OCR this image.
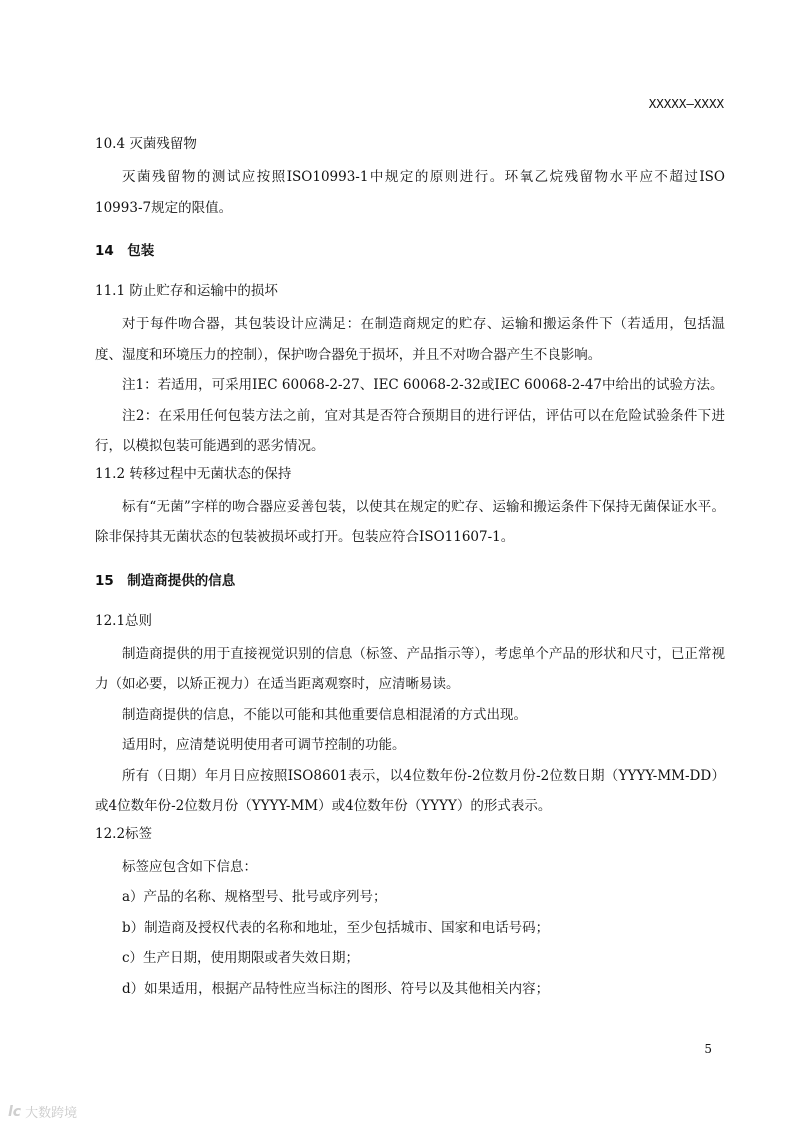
XXXXX—XXXX

10.4 灭菌残留物

灭菌残留物的测试应按照ISO10993-1中规定的原则进行。环氧乙烷残留物水平应不超过ISO 10993-7规定的限值。

14　包装

11.1 防止贮存和运输中的损坏

对于每件吻合器，其包装设计应满足：在制造商规定的贮存、运输和搬运条件下（若适用，包括温度、湿度和环境压力的控制），保护吻合器免于损坏，并且不对吻合器产生不良影响。

注1：若适用，可采用IEC 60068-2-27、IEC 60068-2-32或IEC 60068-2-47中给出的试验方法。

注2：在采用任何包装方法之前，宜对其是否符合预期目的进行评估，评估可以在危险试验条件下进行，以模拟包装可能遇到的恶劣情况。

11.2 转移过程中无菌状态的保持

标有“无菌”字样的吻合器应妥善包装，以使其在规定的贮存、运输和搬运条件下保持无菌保证水平。除非保持其无菌状态的包装被损坏或打开。包装应符合ISO11607-1。

15　制造商提供的信息

12.1总则

制造商提供的用于直接视觉识别的信息（标签、产品指示等），考虑单个产品的形状和尺寸，已正常视力（如必要，以矫正视力）在适当距离观察时，应清晰易读。

制造商提供的信息，不能以可能和其他重要信息相混淆的方式出现。

适用时，应清楚说明使用者可调节控制的功能。

所有（日期）年月日应按照ISO8601表示，以4位数年份-2位数月份-2位数日期（YYYY-MM-DD）或4位数年份-2位数月份（YYYY-MM）或4位数年份（YYYY）的形式表示。

12.2标签

标签应包含如下信息：

a）产品的名称、规格型号、批号或序列号；

b）制造商及授权代表的名称和地址，至少包括城市、国家和电话号码；

c）生产日期，使用期限或者失效日期；

d）如果适用，根据产品特性应当标注的图形、符号以及其他相关内容；

5
lc 大数跨境
